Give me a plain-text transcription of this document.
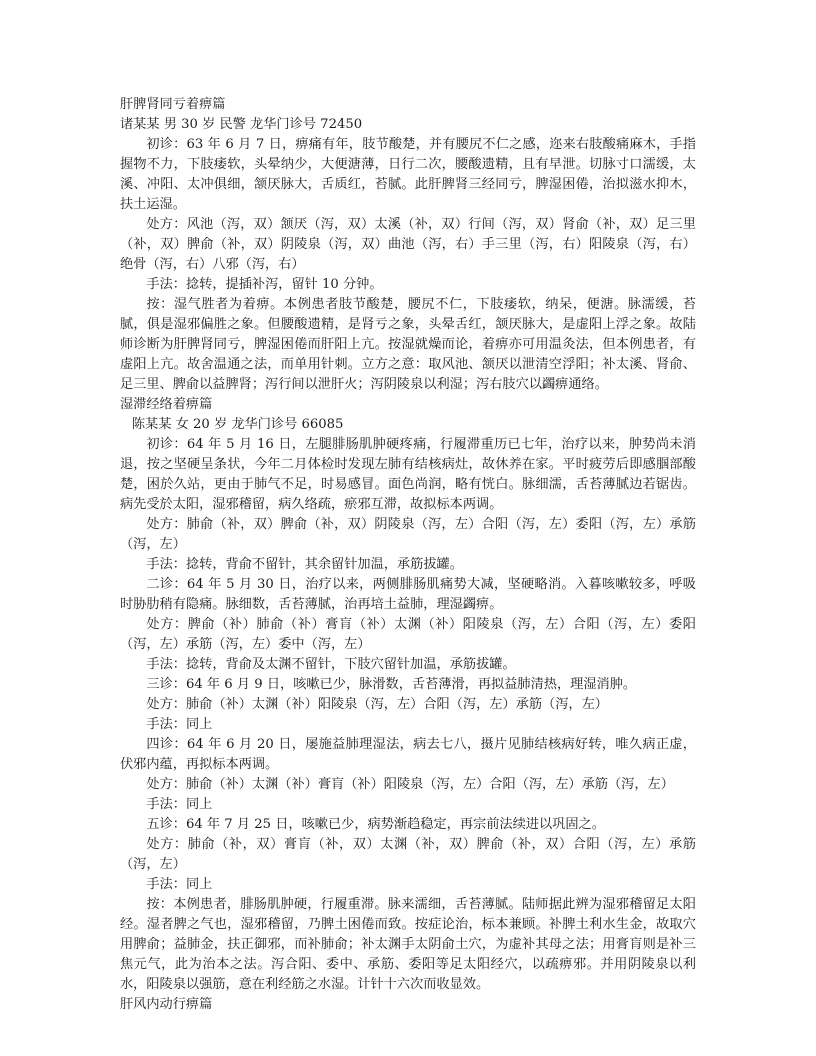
肝脾肾同亏着痹篇

诸某某 男 30 岁 民警 龙华门诊号 72450

初诊：63 年 6 月 7 日，痹痛有年，肢节酸楚，并有腰尻不仁之感，迩来右肢酸痛麻木，手指握物不力，下肢痿软，头晕纳少，大便溏薄，日行二次，腰酸遗精，且有早泄。切脉寸口濡缓，太溪、冲阳、太冲俱细，颔厌脉大，舌质红，苔腻。此肝脾肾三经同亏，脾湿困倦，治拟滋水抑木，扶土运湿。

处方：风池（泻，双）颔厌（泻，双）太溪（补，双）行间（泻，双）肾俞（补，双）足三里（补，双）脾俞（补，双）阴陵泉（泻，双）曲池（泻，右）手三里（泻，右）阳陵泉（泻，右）绝骨（泻，右）八邪（泻，右）

手法：捻转，提插补泻，留针 10 分钟。

按：湿气胜者为着痹。本例患者肢节酸楚，腰尻不仁，下肢痿软，纳呆，便溏。脉濡缓，苔腻，俱是湿邪偏胜之象。但腰酸遗精，是肾亏之象，头晕舌红，颔厌脉大，是虚阳上浮之象。故陆师诊断为肝脾肾同亏，脾湿困倦而肝阳上亢。按湿就燥而论，着痹亦可用温灸法，但本例患者，有虚阳上亢。故舍温通之法，而单用针刺。立方之意：取风池、颔厌以泄清空浮阳；补太溪、肾俞、足三里、脾俞以益脾肾；泻行间以泄肝火；泻阴陵泉以利湿；泻右肢穴以蠲痹通络。

湿滞经络着痹篇

陈某某 女 20 岁 龙华门诊号 66085

初诊：64 年 5 月 16 日，左腿腓肠肌肿硬疼痛，行履滞重历已七年，治疗以来，肿势尚未消退，按之坚硬呈条状，今年二月体检时发现左肺有结核病灶，故休养在家。平时疲劳后即感腘部酸楚，困於久站，更由于肺气不足，时易感冒。面色尚润，略有恍白。脉细濡，舌苔薄腻边若锯齿。病先受於太阳，湿邪稽留，病久络疏，瘀邪互滞，故拟标本两调。

处方：肺俞（补，双）脾俞（补，双）阴陵泉（泻，左）合阳（泻，左）委阳（泻，左）承筋（泻，左）

手法：捻转，背俞不留针，其余留针加温，承筋拔罐。

二诊：64 年 5 月 30 日，治疗以来，两侧腓肠肌痛势大减，坚硬略消。入暮咳嗽较多，呼吸时胁肋稍有隐痛。脉细数，舌苔薄腻，治再培土益肺，理湿蠲痹。

处方：脾俞（补）肺俞（补）膏肓（补）太渊（补）阳陵泉（泻，左）合阳（泻，左）委阳（泻，左）承筋（泻，左）委中（泻，左）

手法：捻转，背俞及太渊不留针，下肢穴留针加温，承筋拔罐。

三诊：64 年 6 月 9 日，咳嗽已少，脉滑数，舌苔薄滑，再拟益肺清热，理湿消肿。

处方：肺俞（补）太渊（补）阳陵泉（泻，左）合阳（泻，左）承筋（泻，左）

手法：同上

四诊：64 年 6 月 20 日，屡施益肺理湿法，病去七八，摄片见肺结核病好转，唯久病正虚，伏邪内蕴，再拟标本两调。

处方：肺俞（补）太渊（补）膏肓（补）阳陵泉（泻，左）合阳（泻，左）承筋（泻，左）

手法：同上

五诊：64 年 7 月 25 日，咳嗽已少，病势渐趋稳定，再宗前法续进以巩固之。

处方：肺俞（补，双）膏肓（补，双）太渊（补，双）脾俞（补，双）合阳（泻，左）承筋（泻，左）

手法：同上

按：本例患者，腓肠肌肿硬，行履重滞。脉来濡细，舌苔薄腻。陆师据此辨为湿邪稽留足太阳经。湿者脾之气也，湿邪稽留，乃脾土困倦而致。按症论治，标本兼顾。补脾土利水生金，故取穴用脾俞；益肺金，扶正御邪，而补肺俞；补太渊手太阴俞土穴，为虚补其母之法；用膏肓则是补三焦元气，此为治本之法。泻合阳、委中、承筋、委阳等足太阳经穴，以疏痹邪。并用阴陵泉以利水，阳陵泉以强筋，意在利经筋之水湿。计针十六次而收显效。

肝风内动行痹篇
